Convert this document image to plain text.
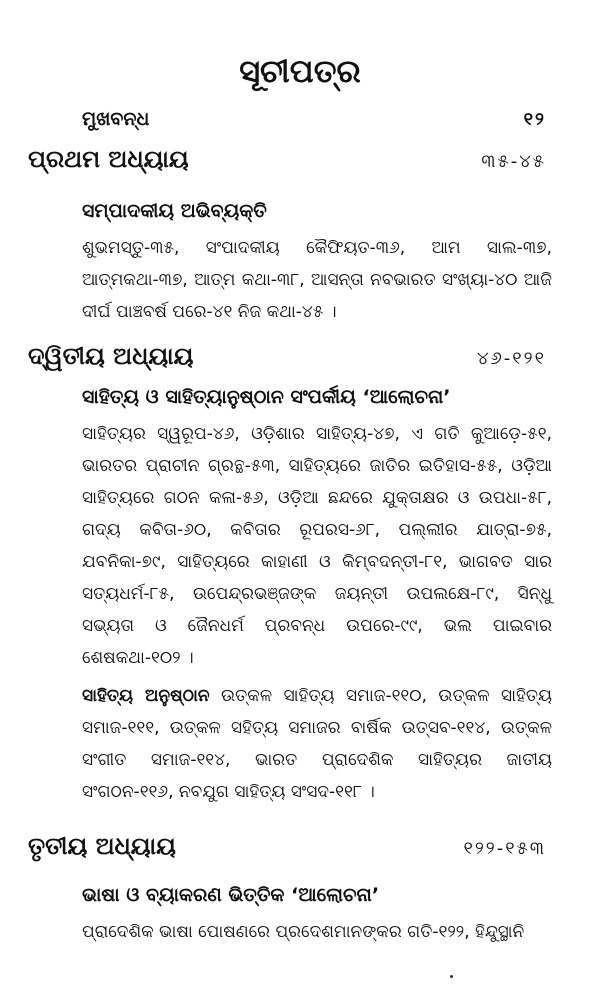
ସୂଚୀପତ୍ର
ମୁଖବନ୍ଧ	୧୨
ପ୍ରଥମ ଅଧ୍ୟାୟ	୩୫-୪୫
ସମ୍ପାଦକୀୟ ଅଭିବ୍ୟକ୍ତି
ଶୁଭମସ୍ତୁ-୩୫, ସଂପାଦକୀୟ କୈଫିୟତ-୩୬, ଆମ ସାଲ-୩୭, ଆତ୍ମକଥା-୩୭, ଆତ୍ମ କଥା-୩୮, ଆସନ୍ତା ନବଭାରତ ସଂଖ୍ୟା-୪୦ ଆଜି ଦୀର୍ଘ ପାଞ୍ଚବର୍ଷ ପରେ-୪୧ ନିଜ କଥା-୪୫ ।
ଦ୍ୱିତୀୟ ଅଧ୍ୟାୟ	୪୬-୧୨୧
ସାହିତ୍ୟ ଓ ସାହିତ୍ୟାନୁଷ୍ଠାନ ସଂପର୍କୀୟ ‘ଆଲୋଚନା’
ସାହିତ୍ୟର ସ୍ୱରୂପ-୪୬, ଓଡ଼ିଶାର ସାହିତ୍ୟ-୪୭, ଏ ଗତି କୁଆଡ଼େ-୫୧, ଭାରତର ପ୍ରାଚୀନ ଗ୍ରନ୍ଥ-୫୩, ସାହିତ୍ୟରେ ଜାତିର ଇତିହାସ-୫୫, ଓଡ଼ିଆ ସାହିତ୍ୟରେ ଗଠନ କଳା-୫୬, ଓଡ଼ିଆ ଛନ୍ଦରେ ଯୁକ୍ତାକ୍ଷର ଓ ଉପଧା-୫୮, ଗଦ୍ୟ କବିତା-୬୦, କବିତାର ରୂପରସ-୬୮, ପଲ୍ଲୀର ଯାତ୍ରା-୭୫, ଯବନିକା-୭୯, ସାହିତ୍ୟରେ କାହାଣୀ ଓ କିମ୍ବଦନ୍ତୀ-୮୧, ଭାଗବତ ସାର ସତ୍ୟଧର୍ମ-୮୫, ଉପେନ୍ଦ୍ରଭଞ୍ଜଙ୍କ ଜୟନ୍ତୀ ଉପଲକ୍ଷେ-୮୯, ସିନ୍ଧୁ ସଭ୍ୟତା ଓ ଜୈନଧର୍ମ ପ୍ରବନ୍ଧ ଉପରେ-୯୯, ଭଲ ପାଇବାର ଶେଷକଥା-୧୦୨ ।
ସାହିତ୍ୟ ଅନୁଷ୍ଠାନ ଉତ୍କଳ ସାହିତ୍ୟ ସମାଜ-୧୧୦, ଉତ୍କଳ ସାହିତ୍ୟ ସମାଜ-୧୧୧, ଉତ୍କଳ ସହିତ୍ୟ ସମାଜର ବାର୍ଷିକ ଉତ୍ସବ-୧୧୪, ଉତ୍କଳ ସଂଗୀତ ସମାଜ-୧୧୪, ଭାରତ ପ୍ରାଦେଶିକ ସାହିତ୍ୟର ଜାତୀୟ ସଂଗଠନ-୧୧୬, ନବଯୁଗ ସାହିତ୍ୟ ସଂସଦ-୧୧୮ ।
ତୃତୀୟ ଅଧ୍ୟାୟ	୧୨୨-୧୫୩
ଭାଷା ଓ ବ୍ୟାକରଣ ଭିତ୍ତିକ ‘ଆଲୋଚନା’
ପ୍ରାଦେଶିକ ଭାଷା ପୋଷଣରେ ପ୍ରଦେଶମାନଙ୍କର ଗତି-୧୨୨, ହିନ୍ଦୁସ୍ଥାନି
